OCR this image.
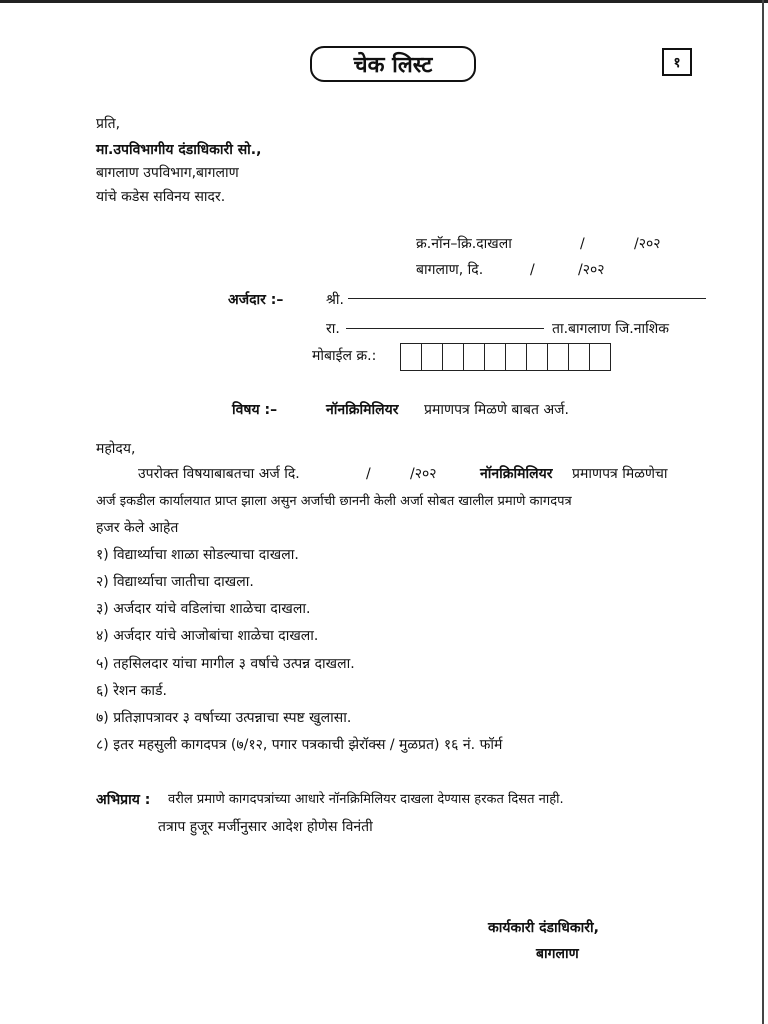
चेक लिस्ट	१
प्रति,
मा.उपविभागीय दंडाधिकारी सो.,
बागलाण उपविभाग,बागलाण
यांचे कडेस सविनय सादर.
क्र.नॉन–क्रि.दाखला	/	/२०२
बागलाण, दि.	/	/२०२
अर्जदार :–	श्री.
रा.	ता.बागलाण जि.नाशिक
मोबाईल क्र.:
विषय :–	नॉनक्रिमिलियर प्रमाणपत्र मिळणे बाबत अर्ज.
महोदय,
उपरोक्त विषयाबाबतचा अर्ज दि.	/	/२०२	नॉनक्रिमिलियर प्रमाणपत्र मिळणेचा
अर्ज इकडील कार्यालयात प्राप्त झाला असुन अर्जाची छाननी केली अर्जा सोबत खालील प्रमाणे कागदपत्र
हजर केले आहेत
१) विद्यार्थ्याचा शाळा सोडल्याचा दाखला.
२) विद्यार्थ्याचा जातीचा दाखला.
३) अर्जदार यांचे वडिलांचा शाळेचा दाखला.
४) अर्जदार यांचे आजोबांचा शाळेचा दाखला.
५) तहसिलदार यांचा मागील ३ वर्षाचे उत्पन्न दाखला.
६) रेशन कार्ड.
७) प्रतिज्ञापत्रावर ३ वर्षाच्या उत्पन्नाचा स्पष्ट खुलासा.
८) इतर महसुली कागदपत्र (७/१२, पगार पत्रकाची झेरॉक्स / मुळप्रत) १६ नं. फॉर्म
अभिप्राय : वरील प्रमाणे कागदपत्रांच्या आधारे नॉनक्रिमिलियर दाखला देण्यास हरकत दिसत नाही.
तत्राप हुजूर मर्जीनुसार आदेश होणेस विनंती
कार्यकारी दंडाधिकारी,
बागलाण
